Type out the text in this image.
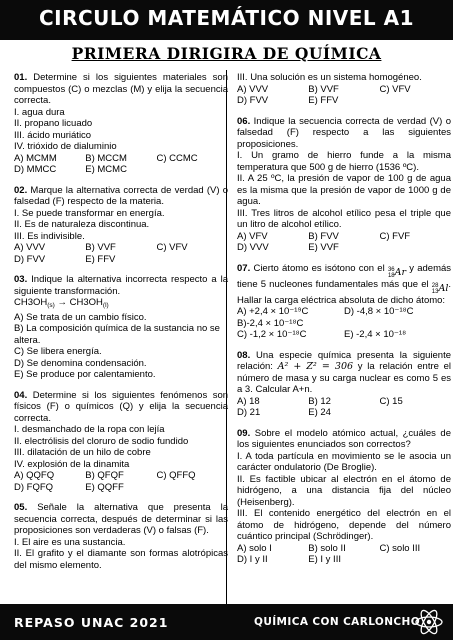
CIRCULO MATEMÁTICO NIVEL A1
PRIMERA DIRIGIRA DE QUÍMICA

01. Determine si los siguientes materiales son compuestos (C) o mezclas (M) y elija la secuencia correcta.

I. agua dura
II. propano licuado
III. ácido muriático
IV. trióxido de dialuminio
A) MCMM	B) MCCM	C) CCMC
D) MMCC	E) MCMC

02. Marque la alternativa correcta de verdad (V) o falsedad (F) respecto de la materia.

I. Se puede transformar en energía.
II. Es de naturaleza discontinua.
III. Es indivisible.
A) VVV	B) VVF	C) VFV
D) FVV	E) FFV

03. Indique la alternativa incorrecta respecto a la siguiente transformación.

$CH3OH_{(s)} \to CH3OH_{(l)}$
A) Se trata de un cambio físico.
B) La composición química de la sustancia no se altera.
C) Se libera energía.
D) Se denomina condensación.
E) Se produce por calentamiento.

04. Determine si los siguientes fenómenos son físicos (F) o químicos (Q) y elija la secuencia correcta.

I. desmanchado de la ropa con lejía
II. electrólisis del cloruro de sodio fundido
III. dilatación de un hilo de cobre
IV. explosión de la dinamita
A) QQFQ	B) QFQF	C) QFFQ
D) FQFQ	E) QQFF

05. Señale la alternativa que presenta la secuencia correcta, después de determinar si las proposiciones son verdaderas (V) o falsas (F).

I. El aire es una sustancia.

II. El grafito y el diamante son formas alotrópicas del mismo elemento.

III. Una solución es un sistema homogéneo.
A) VVV	B) VVF	C) VFV
D) FVV	E) FFV

06. Indique la secuencia correcta de verdad (V) o falsedad (F) respecto a las siguientes proposiciones.

I. Un gramo de hierro funde a la misma temperatura que 500 g de hierro (1536 ºC).

II. A 25 ºC, la presión de vapor de 100 g de agua es la misma que la presión de vapor de 1000 g de agua.

III. Tres litros de alcohol etílico pesa el triple que un litro de alcohol etílico.

A) VFV	B) FVV	C) FVF
D) VVV	E) VVF

07. Cierto átomo es isótono con el 36
18 Ar y además tiene 5 nucleones fundamentales más que el 28
13 Al . Hallar la carga eléctrica absoluta de dicho átomo:

A) +2,4 × 10⁻¹⁹C	D) -4,8 × 10⁻¹⁸C
B)-2,4 × 10⁻¹⁸C
C) -1,2 × 10⁻¹⁸C	E) -2,4 × 10⁻¹⁸

08. Una especie química presenta la siguiente relación: A² + Z² = 306 y la relación entre el número de masa y su carga nuclear es como 5 es a 3. Calcular A+n.

A) 18	B) 12	C) 15
D) 21	E) 24

09. Sobre el modelo atómico actual, ¿cuáles de los siguientes enunciados son correctos?

I. A toda partícula en movimiento se le asocia un carácter ondulatorio (De Broglie).

II. Es factible ubicar al electrón en el átomo de hidrógeno, a una distancia fija del núcleo (Heisenberg).

III. El contenido energético del electrón en el átomo de hidrógeno, depende del número cuántico principal (Schrödinger).

A) solo I	B) solo II	C) solo III
D) I y II	E) I y III
REPASO UNAC 2021	QUÍMICA CON CARLONCHO
